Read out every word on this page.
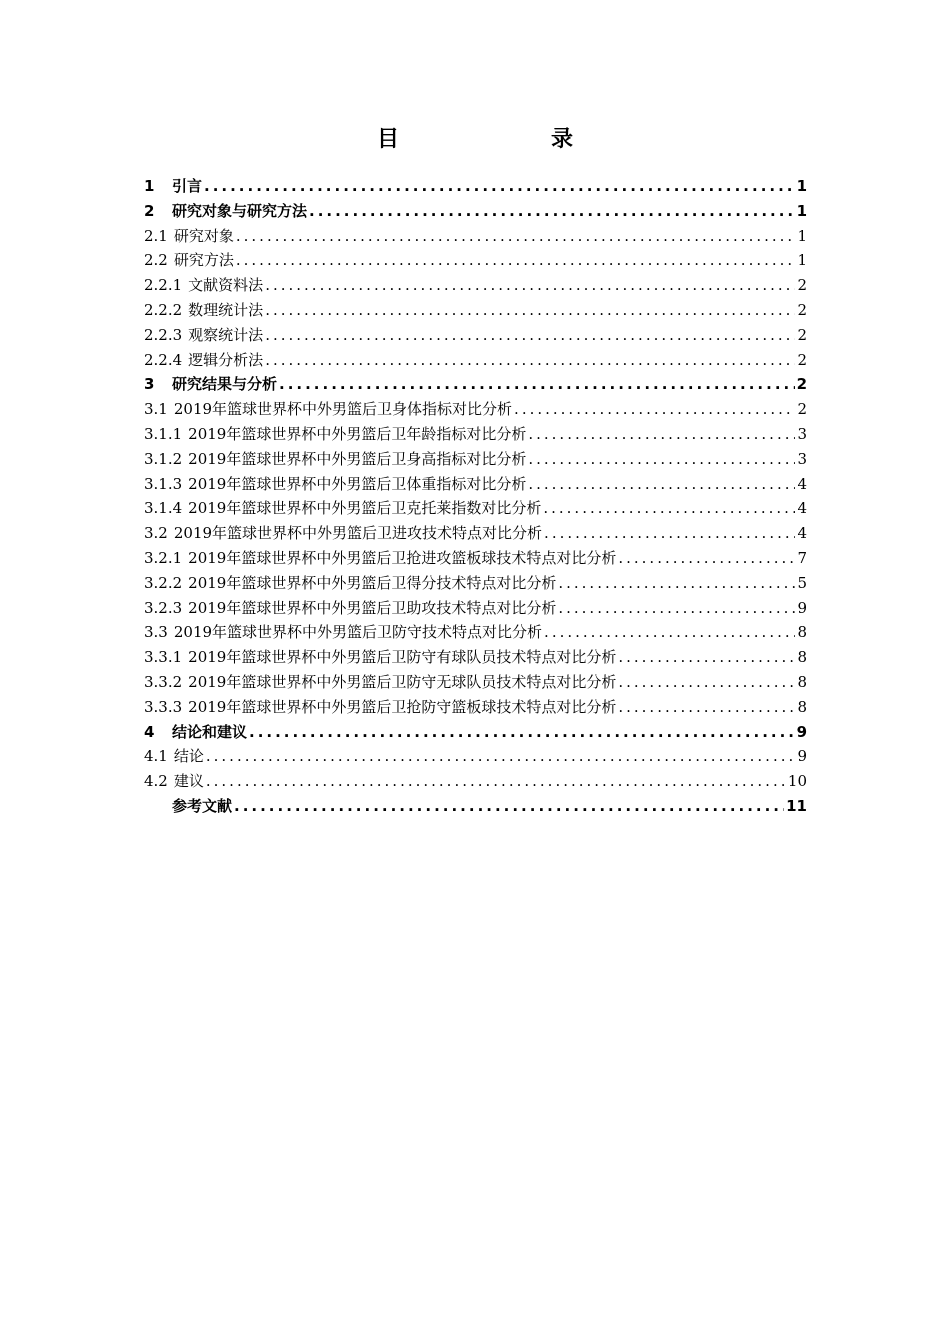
目　　录
1	引言 .....	1
2	研究对象与研究方法 .....	1
2.1 研究对象 .....	1
2.2 研究方法 .....	1
2.2.1 文献资料法 .....	2
2.2.2 数理统计法 .....	2
2.2.3 观察统计法 .....	2
2.2.4 逻辑分析法 .....	2
3	研究结果与分析 .....	2
3.1 2019年篮球世界杯中外男篮后卫身体指标对比分析 .....	2
3.1.1 2019年篮球世界杯中外男篮后卫年龄指标对比分析 .....	3
3.1.2 2019年篮球世界杯中外男篮后卫身高指标对比分析 .....	3
3.1.3 2019年篮球世界杯中外男篮后卫体重指标对比分析 .....	4
3.1.4 2019年篮球世界杯中外男篮后卫克托莱指数对比分析 .....	4
3.2 2019年篮球世界杯中外男篮后卫进攻技术特点对比分析 .....	4
3.2.1 2019年篮球世界杯中外男篮后卫抢进攻篮板球技术特点对比分析 .....	7
3.2.2 2019年篮球世界杯中外男篮后卫得分技术特点对比分析 .....	5
3.2.3 2019年篮球世界杯中外男篮后卫助攻技术特点对比分析 .....	9
3.3 2019年篮球世界杯中外男篮后卫防守技术特点对比分析 .....	8
3.3.1 2019年篮球世界杯中外男篮后卫防守有球队员技术特点对比分析 .....	8
3.3.2 2019年篮球世界杯中外男篮后卫防守无球队员技术特点对比分析 .....	8
3.3.3 2019年篮球世界杯中外男篮后卫抢防守篮板球技术特点对比分析 .....	8
4	结论和建议 .....	9
4.1 结论 .....	9
4.2 建议 .....	10
参考文献 .....	11
